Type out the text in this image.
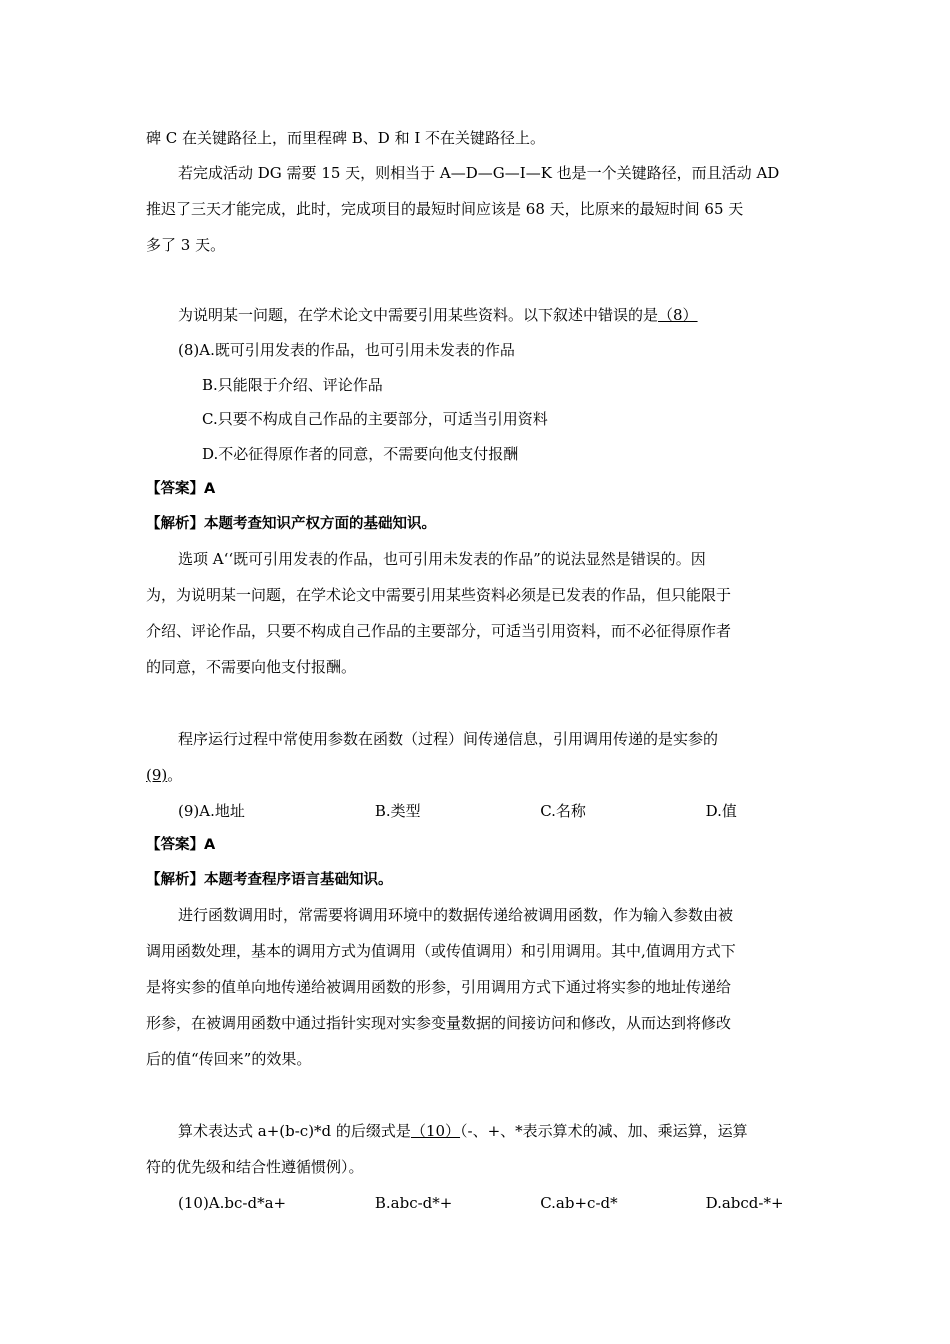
碑 C 在关键路径上，而里程碑 B、D 和 I 不在关键路径上。
若完成活动 DG 需要 15 天，则相当于 A—D—G—I—K 也是一个关键路径，而且活动 AD
推迟了三天才能完成，此时，完成项目的最短时间应该是 68 天，比原来的最短时间 65 天
多了 3 天。
为说明某一问题，在学术论文中需要引用某些资料。以下叙述中错误的是（8）
(8)A.既可引用发表的作品，也可引用未发表的作品
B.只能限于介绍、评论作品
C.只要不构成自己作品的主要部分，可适当引用资料
D.不必征得原作者的同意，不需要向他支付报酬
【答案】A
【解析】本题考查知识产权方面的基础知识。
选项 A‘‘既可引用发表的作品，也可引用未发表的作品”的说法显然是错误的。因
为，为说明某一问题，在学术论文中需要引用某些资料必须是已发表的作品，但只能限于
介绍、评论作品，只要不构成自己作品的主要部分，可适当引用资料，而不必征得原作者
的同意，不需要向他支付报酬。
程序运行过程中常使用参数在函数（过程）间传递信息，引用调用传递的是实参的
(9)。
(9)A.地址	B.类型	C.名称	D.值
【答案】A
【解析】本题考查程序语言基础知识。
进行函数调用时，常需要将调用环境中的数据传递给被调用函数，作为输入参数由被
调用函数处理，基本的调用方式为值调用（或传值调用）和引用调用。其中,值调用方式下
是将实参的值单向地传递给被调用函数的形参，引用调用方式下通过将实参的地址传递给
形参，在被调用函数中通过指针实现对实参变量数据的间接访问和修改，从而达到将修改
后的值“传回来”的效果。
算术表达式 a+(b-c)*d 的后缀式是（10）（-、+、*表示算术的减、加、乘运算，运算
符的优先级和结合性遵循惯例）。
(10)A.bc-d*a+	B.abc-d*+	C.ab+c-d*	D.abcd-*+
